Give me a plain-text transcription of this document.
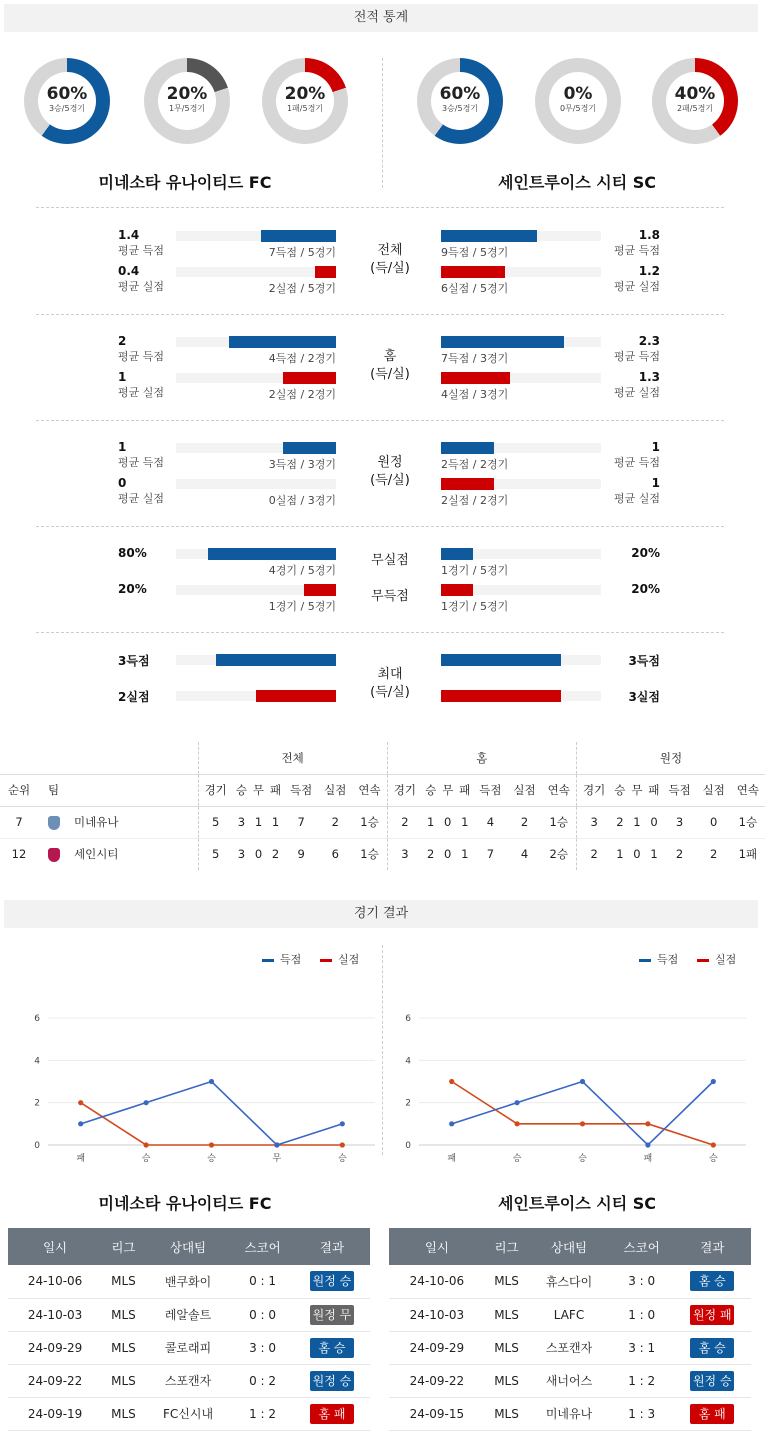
전적 통계
60%
3승/5경기
20%
1무/5경기
20%
1패/5경기
60%
3승/5경기
0%
0무/5경기
40%
2패/5경기
미네소타 유나이티드 FC	세인트루이스 시티 SC
1.4
평균 득점	7득점 / 5경기
1.8
평균 득점
9득점 / 5경기
0.4
평균 실점	2실점 / 5경기
1.2
평균 실점
6실점 / 5경기
전체
(득/실)
2
평균 득점	4득점 / 2경기
2.3
평균 득점
7득점 / 3경기
1
평균 실점	2실점 / 2경기
1.3
평균 실점
4실점 / 3경기
홈
(득/실)
1
평균 득점	3득점 / 3경기
1
평균 득점
2득점 / 2경기
0
평균 실점	0실점 / 3경기
1
평균 실점
2실점 / 2경기
원정
(득/실)
80%
4경기 / 5경기
20%
1경기 / 5경기
20%
1경기 / 5경기
20%
1경기 / 5경기
무실점
무득점
3득점	3득점
2실점	3실점
최대
(득/실)
		전체							홈							원정						
순위	팀	경기	승	무	패	득점	실점	연속	경기	승	무	패	득점	실점	연속	경기	승	무	패	득점	실점	연속
7	미네유나	5	3	1	1	7	2	1승	2	1	0	1	4	2	1승	3	2	1	0	3	0	1승
12	세인시티	5	3	0	2	9	6	1승	3	2	0	1	7	4	2승	2	1	0	1	2	2	1패
경기 결과
득점	실점	득점	실점
0
2
4
6
패	승	승	무	승
0
2
4
6
패	승	승	패	승
미네소타 유나이티드 FC	세인트루이스 시티 SC
일시	리그	상대팀	스코어	결과
24-10-06	MLS	밴쿠화이	0 : 1	원정 승
24-10-03	MLS	레알솔트	0 : 0	원정 무
24-09-29	MLS	콜로래피	3 : 0	홈 승
24-09-22	MLS	스포캔자	0 : 2	원정 승
24-09-19	MLS	FC신시내	1 : 2	홈 패
일시	리그	상대팀	스코어	결과
24-10-06	MLS	휴스다이	3 : 0	홈 승
24-10-03	MLS	LAFC	1 : 0	원정 패
24-09-29	MLS	스포캔자	3 : 1	홈 승
24-09-22	MLS	새너어스	1 : 2	원정 승
24-09-15	MLS	미네유나	1 : 3	홈 패
